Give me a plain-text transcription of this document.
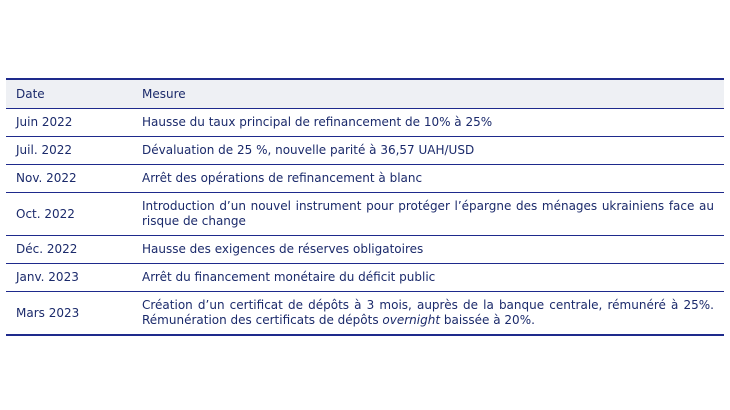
Date	Mesure
Juin 2022	Hausse du taux principal de refinancement de 10% à 25%
Juil. 2022	Dévaluation de 25 %, nouvelle parité à 36,57 UAH/USD
Nov. 2022	Arrêt des opérations de refinancement à blanc
Oct. 2022	Introduction d’un nouvel instrument pour protéger l’épargne des ménages ukrainiens face au risque de change
Déc. 2022	Hausse des exigences de réserves obligatoires
Janv. 2023	Arrêt du financement monétaire du déficit public
Mars 2023	Création d’un certificat de dépôts à 3 mois, auprès de la banque centrale, rémunéré à 25%. Rémunération des certificats de dépôts overnight baissée à 20%.
